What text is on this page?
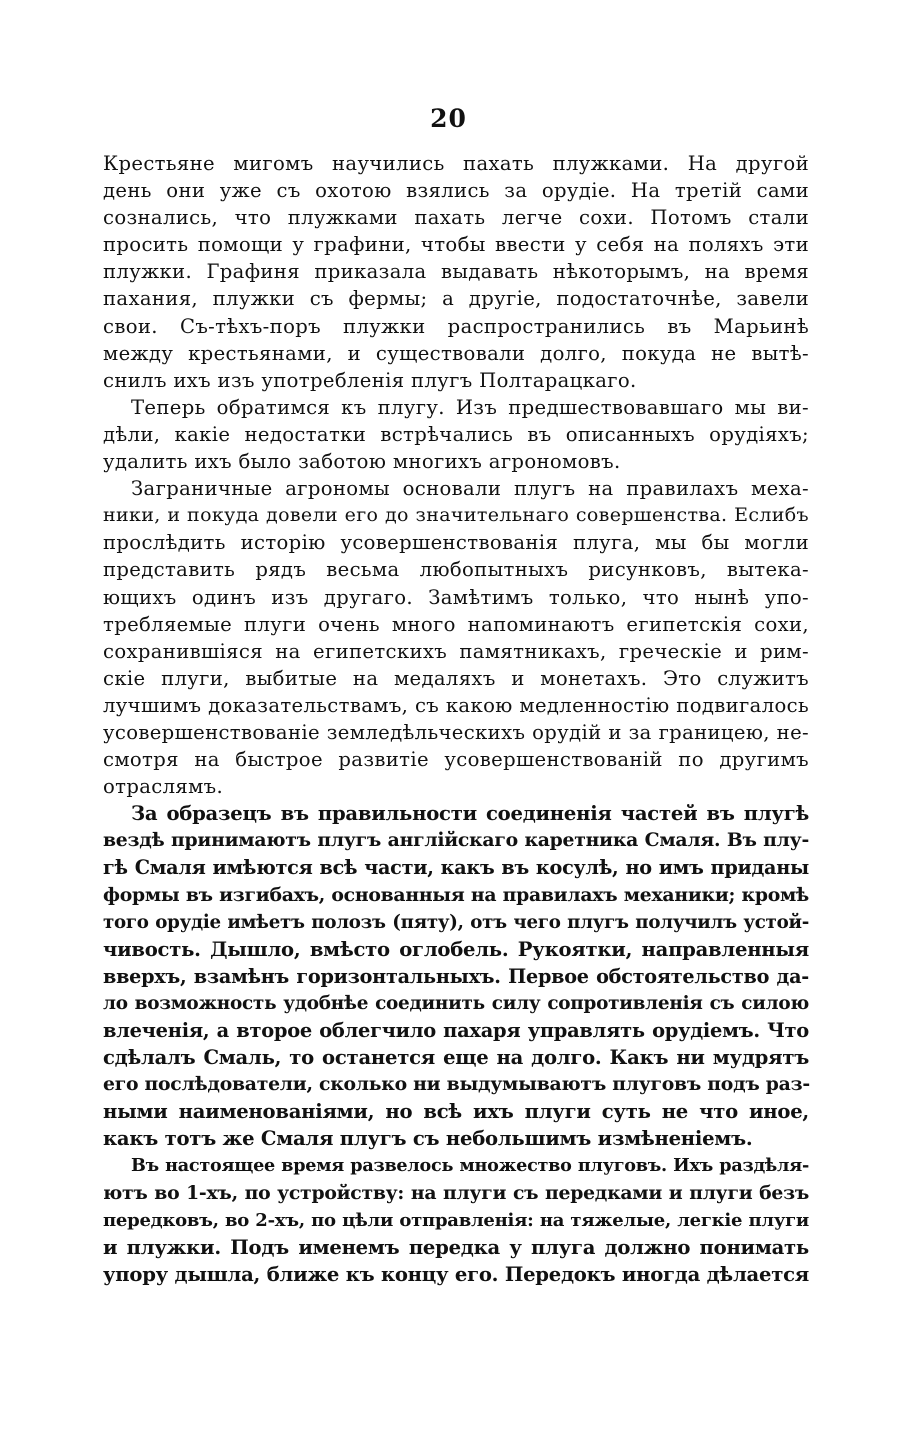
20
Крестьяне мигомъ научились пахать плужками. На другой
день они уже съ охотою взялись за орудіе. На третій сами
сознались, что плужками пахать легче сохи. Потомъ стали
просить помощи у графини, чтобы ввести у себя на поляхъ эти
плужки. Графиня приказала выдавать нѣкоторымъ, на время
пахания, плужки съ фермы; а другіе, подостаточнѣе, завели
свои. Съ-тѣхъ-поръ плужки распространились въ Марьинѣ
между крестьянами, и существовали долго, покуда не вытѣ-
снилъ ихъ изъ употребленія плугъ Полтарацкаго.
Теперь обратимся къ плугу. Изъ предшествовавшаго мы ви-
дѣли, какіе недостатки встрѣчались въ описанныхъ орудіяхъ;
удалить ихъ было заботою многихъ агрономовъ.
Заграничные агрономы основали плугъ на правилахъ меха-
ники, и покуда довели его до значительнаго совершенства. Еслибъ
прослѣдить исторію усовершенствованія плуга, мы бы могли
представить рядъ весьма любопытныхъ рисунковъ, вытека-
ющихъ одинъ изъ другаго. Замѣтимъ только, что нынѣ упо-
требляемые плуги очень много напоминаютъ египетскія сохи,
сохранившіяся на египетскихъ памятникахъ, греческіе и рим-
скіе плуги, выбитые на медаляхъ и монетахъ. Это служитъ
лучшимъ доказательствамъ, съ какою медленностію подвигалось
усовершенствованіе земледѣльческихъ орудій и за границею, не-
смотря на быстрое развитіе усовершенствованій по другимъ
отраслямъ.
За образецъ въ правильности соединенія частей въ плугѣ
вездѣ принимаютъ плугъ англійскаго каретника Смаля. Въ плу-
гѣ Смаля имѣются всѣ части, какъ въ косулѣ, но имъ приданы
формы въ изгибахъ, основанныя на правилахъ механики; кромѣ
того орудіе имѣетъ полозъ (пяту), отъ чего плугъ получилъ устой-
чивость. Дышло, вмѣсто оглобель. Рукоятки, направленныя
вверхъ, взамѣнъ горизонтальныхъ. Первое обстоятельство да-
ло возможность удобнѣе соединить силу сопротивленія съ силою
влеченія, а второе облегчило пахаря управлять орудіемъ. Что
сдѣлалъ Смаль, то останется еще на долго. Какъ ни мудрятъ
его послѣдователи, сколько ни выдумываютъ плуговъ подъ раз-
ными наименованіями, но всѣ ихъ плуги суть не что иное,
какъ тотъ же Смаля плугъ съ небольшимъ измѣненіемъ.
Въ настоящее время развелось множество плуговъ. Ихъ раздѣля-
ютъ во 1-хъ, по устройству: на плуги съ передками и плуги безъ
передковъ, во 2-хъ, по цѣли отправленія: на тяжелые, легкіе плуги
и плужки. Подъ именемъ передка у плуга должно понимать
упору дышла, ближе къ концу его. Передокъ иногда дѣлается
